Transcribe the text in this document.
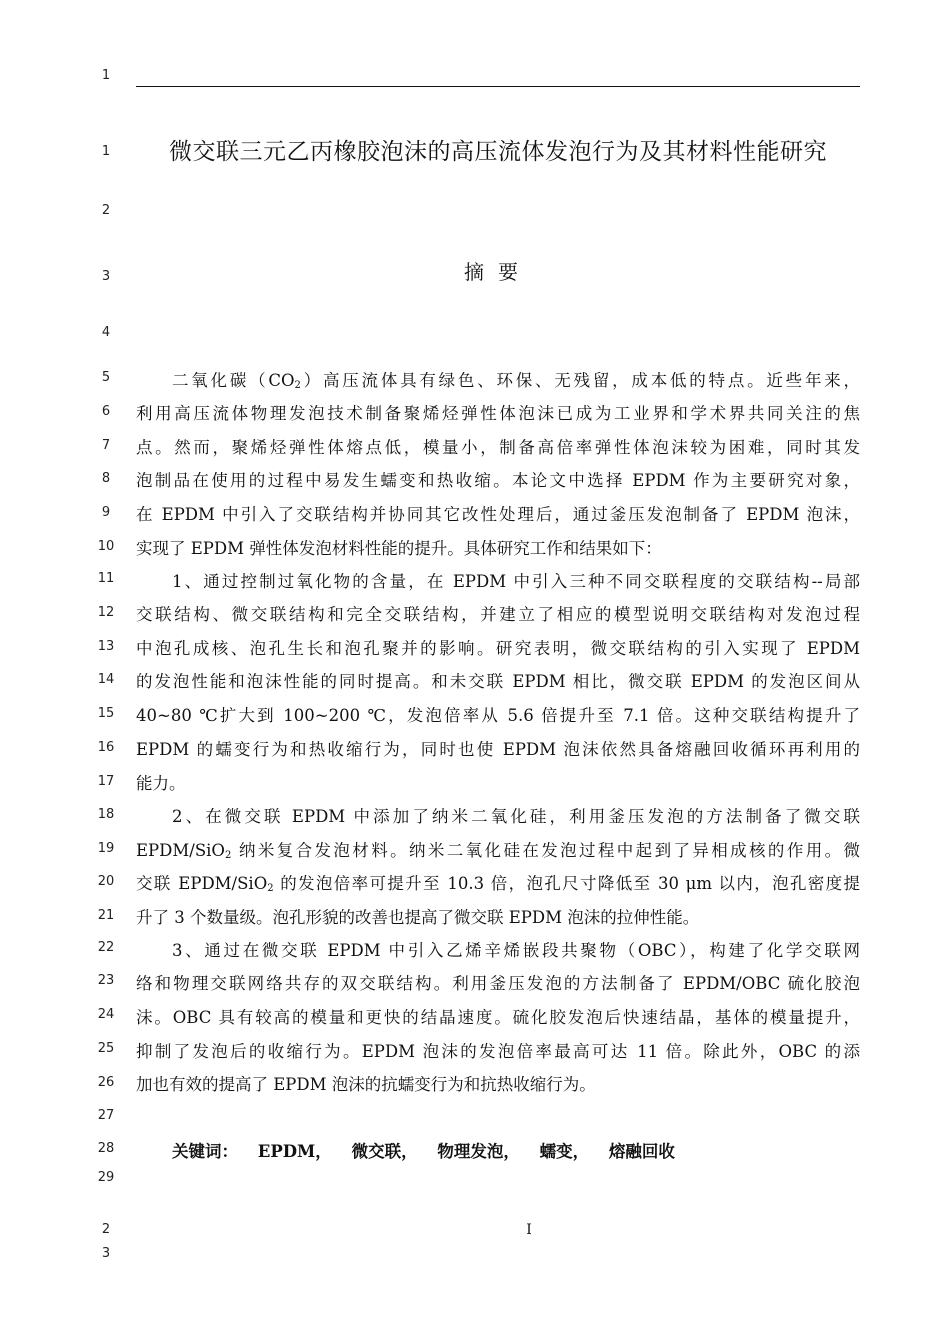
1
1
2
3
4
5
6
7
8
9
10
11
12
13
14
15
16
17
18
19
20
21
22
23
24
25
26
27
28
29
2
3
微交联三元乙丙橡胶泡沫的高压流体发泡行为及其材料性能研究
摘要
二氧化碳$(CO_2)$高压流体具有绿色、环保、无残留，成本低的特点。近些年来，
利用高压流体物理发泡技术制备聚烯烃弹性体泡沫已成为工业界和学术界共同关注的焦
点。然而，聚烯烃弹性体熔点低，模量小，制备高倍率弹性体泡沫较为困难，同时其发
泡制品在使用的过程中易发生蠕变和热收缩。本论文中选择 EPDM 作为主要研究对象，
在 EPDM 中引入了交联结构并协同其它改性处理后，通过釜压发泡制备了 EPDM 泡沫，
实现了 EPDM 弹性体发泡材料性能的提升。具体研究工作和结果如下：
1、通过控制过氧化物的含量，在 EPDM 中引入三种不同交联程度的交联结构--局部
交联结构、微交联结构和完全交联结构，并建立了相应的模型说明交联结构对发泡过程
中泡孔成核、泡孔生长和泡孔聚并的影响。研究表明，微交联结构的引入实现了 EPDM
的发泡性能和泡沫性能的同时提高。和未交联 EPDM 相比，微交联 EPDM 的发泡区间从
40~80 ℃扩大到 100~200 ℃，发泡倍率从 5.6 倍提升至 7.1 倍。这种交联结构提升了
EPDM 的蠕变行为和热收缩行为，同时也使 EPDM 泡沫依然具备熔融回收循环再利用的
能力。
2、在微交联 EPDM 中添加了纳米二氧化硅，利用釜压发泡的方法制备了微交联
EPDM/SiO$_2$ 纳米复合发泡材料。纳米二氧化硅在发泡过程中起到了异相成核的作用。微
交联 EPDM/SiO$_2$ 的发泡倍率可提升至 10.3 倍，泡孔尺寸降低至 30 μm 以内，泡孔密度提
升了 3 个数量级。泡孔形貌的改善也提高了微交联 EPDM 泡沫的拉伸性能。
3、通过在微交联 EPDM 中引入乙烯辛烯嵌段共聚物（OBC），构建了化学交联网
络和物理交联网络共存的双交联结构。利用釜压发泡的方法制备了 EPDM/OBC 硫化胶泡
沫。OBC 具有较高的模量和更快的结晶速度。硫化胶发泡后快速结晶，基体的模量提升，
抑制了发泡后的收缩行为。EPDM 泡沫的发泡倍率最高可达 11 倍。除此外，OBC 的添
加也有效的提高了 EPDM 泡沫的抗蠕变行为和抗热收缩行为。
关键词： EPDM， 微交联， 物理发泡， 蠕变， 熔融回收
I
